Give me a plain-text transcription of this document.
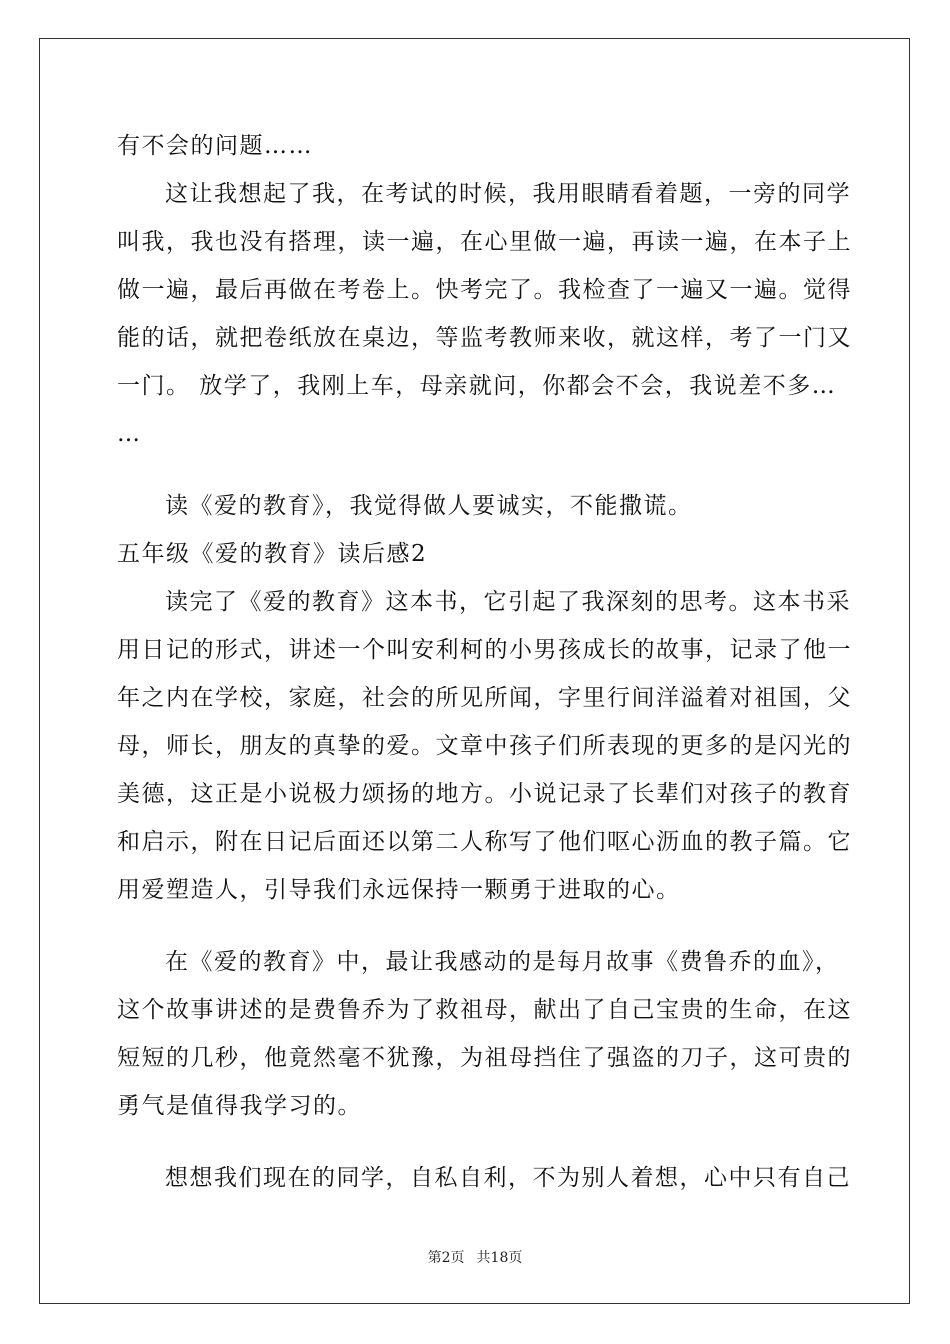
有不会的问题……
这让我想起了我，在考试的时候，我用眼睛看着题，一旁的同学
叫我，我也没有搭理，读一遍，在心里做一遍，再读一遍，在本子上
做一遍，最后再做在考卷上。快考完了。我检查了一遍又一遍。觉得
能的话，就把卷纸放在桌边，等监考教师来收，就这样，考了一门又
一门。 放学了，我刚上车，母亲就问，你都会不会，我说差不多…
…
读《爱的教育》，我觉得做人要诚实，不能撒谎。
五年级《爱的教育》读后感2
读完了《爱的教育》这本书，它引起了我深刻的思考。这本书采
用日记的形式，讲述一个叫安利柯的小男孩成长的故事，记录了他一
年之内在学校，家庭，社会的所见所闻，字里行间洋溢着对祖国，父
母，师长，朋友的真挚的爱。文章中孩子们所表现的更多的是闪光的
美德，这正是小说极力颂扬的地方。小说记录了长辈们对孩子的教育
和启示，附在日记后面还以第二人称写了他们呕心沥血的教子篇。它
用爱塑造人，引导我们永远保持一颗勇于进取的心。
在《爱的教育》中，最让我感动的是每月故事《费鲁乔的血》，
这个故事讲述的是费鲁乔为了救祖母，献出了自己宝贵的生命，在这
短短的几秒，他竟然毫不犹豫，为祖母挡住了强盗的刀子，这可贵的
勇气是值得我学习的。
想想我们现在的同学，自私自利，不为别人着想，心中只有自己
第2页 共18页
